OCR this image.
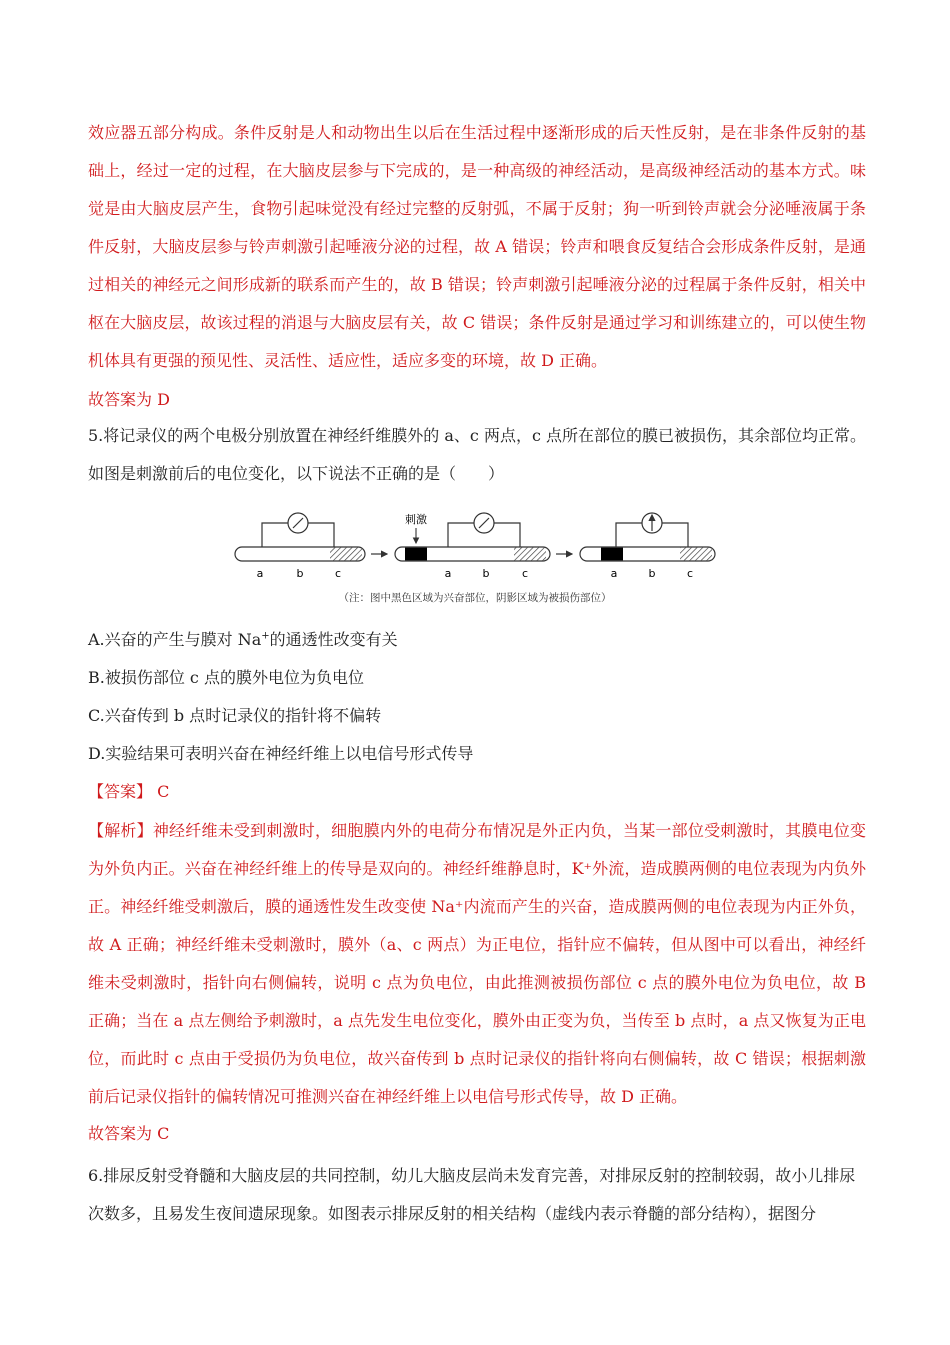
效应器五部分构成。条件反射是人和动物出生以后在生活过程中逐渐形成的后天性反射，是在非条件反射的基础上，经过一定的过程，在大脑皮层参与下完成的，是一种高级的神经活动，是高级神经活动的基本方式。味觉是由大脑皮层产生，食物引起味觉没有经过完整的反射弧，不属于反射；狗一听到铃声就会分泌唾液属于条件反射，大脑皮层参与铃声刺激引起唾液分泌的过程，故 A 错误；铃声和喂食反复结合会形成条件反射，是通过相关的神经元之间形成新的联系而产生的，故 B 错误；铃声刺激引起唾液分泌的过程属于条件反射，相关中枢在大脑皮层，故该过程的消退与大脑皮层有关，故 C 错误；条件反射是通过学习和训练建立的，可以使生物机体具有更强的预见性、灵活性、适应性，适应多变的环境，故 D 正确。

故答案为 D

5.将记录仪的两个电极分别放置在神经纤维膜外的 a、c 两点，c 点所在部位的膜已被损伤，其余部位均正常。

如图是刺激前后的电位变化，以下说法不正确的是（　　）

a	b	c
刺激
a	b	c	a	b	c
（注：图中黑色区域为兴奋部位，阴影区域为被损伤部位）

A.兴奋的产生与膜对 Na+的通透性改变有关

B.被损伤部位 c 点的膜外电位为负电位

C.兴奋传到 b 点时记录仪的指针将不偏转

D.实验结果可表明兴奋在神经纤维上以电信号形式传导

【答案】 C

【解析】神经纤维未受到刺激时，细胞膜内外的电荷分布情况是外正内负，当某一部位受刺激时，其膜电位变为外负内正。兴奋在神经纤维上的传导是双向的。神经纤维静息时，K⁺外流，造成膜两侧的电位表现为内负外正。神经纤维受刺激后，膜的通透性发生改变使 Na⁺内流而产生的兴奋，造成膜两侧的电位表现为内正外负，故 A 正确；神经纤维未受刺激时，膜外（a、c 两点）为正电位，指针应不偏转，但从图中可以看出，神经纤维未受刺激时，指针向右侧偏转，说明 c 点为负电位，由此推测被损伤部位 c 点的膜外电位为负电位，故 B 正确；当在 a 点左侧给予刺激时，a 点先发生电位变化，膜外由正变为负，当传至 b 点时，a 点又恢复为正电位，而此时 c 点由于受损仍为负电位，故兴奋传到 b 点时记录仪的指针将向右侧偏转，故 C 错误；根据刺激前后记录仪指针的偏转情况可推测兴奋在神经纤维上以电信号形式传导，故 D 正确。

故答案为 C

6.排尿反射受脊髓和大脑皮层的共同控制，幼儿大脑皮层尚未发育完善，对排尿反射的控制较弱，故小儿排尿次数多，且易发生夜间遗尿现象。如图表示排尿反射的相关结构（虚线内表示脊髓的部分结构），据图分
